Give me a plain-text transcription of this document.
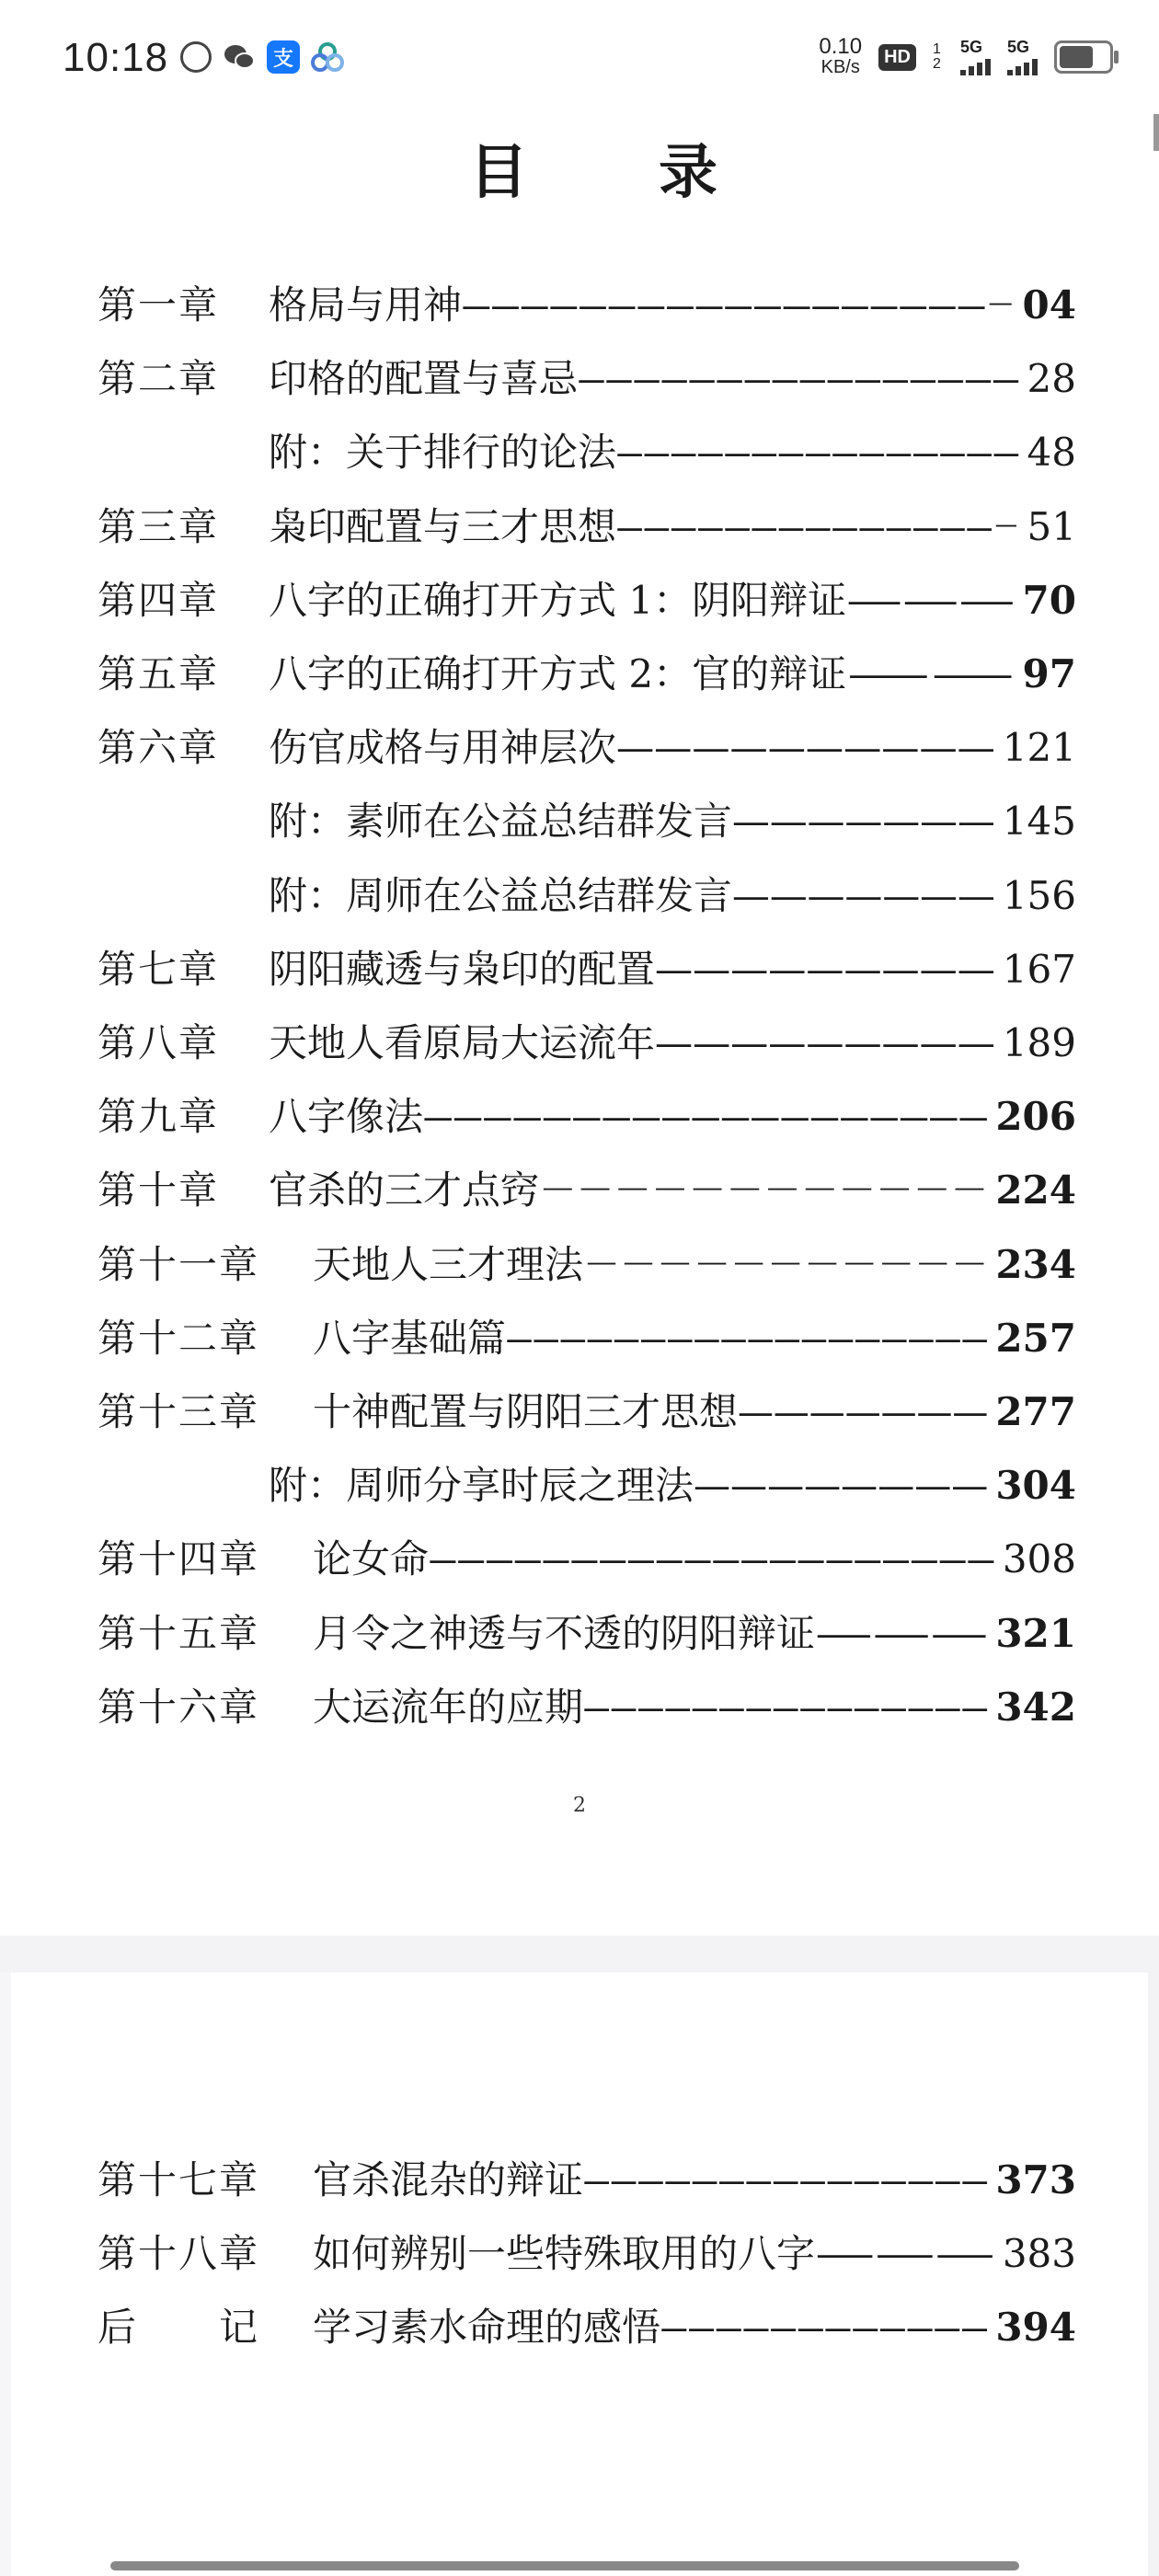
10:18	支	0.10
KB/s
HD	1 2
5G 5G
目 录
第一章 格局与用神 ——————————————————－ 04
第二章 印格的配置与喜忌 ———————————————— 28
附：关于排行的论法 ——————————————— 48
第三章 枭印配置与三才思想 ——————————————－ 51
第四章 八字的正确打开方式 1：阴阳辩证 ——— 70
第五章 八字的正确打开方式 2：官的辩证 —— 97
第六章 伤官成格与用神层次 —————————— 121
附：素师在公益总结群发言 ——————— 145
附：周师在公益总结群发言 ——————— 156
第七章 阴阳藏透与枭印的配置 ————————— 167
第八章 天地人看原局大运流年 ————————— 189
第九章 八字像法 ——————————————————— 206
第十章 官杀的三才点窍 －－－－－－－－－－－－ 224
第十一章 天地人三才理法 －－－－－－－－－－－ 234
第十二章 八字基础篇 —————————————————— 257
第十三章 十神配置与阴阳三才思想 ——————— 277
附：周师分享时辰之理法 ———————— 304
第十四章 论女命 ———————————————————— 308
第十五章 月令之神透与不透的阴阳辩证 ——— 321
第十六章 大运流年的应期 ——————————————— 342
2
第十七章 官杀混杂的辩证 ——————————————— 373
第十八章 如何辨别一些特殊取用的八字 ——— 383
后　　记 学习素水命理的感悟 ———————————— 394
